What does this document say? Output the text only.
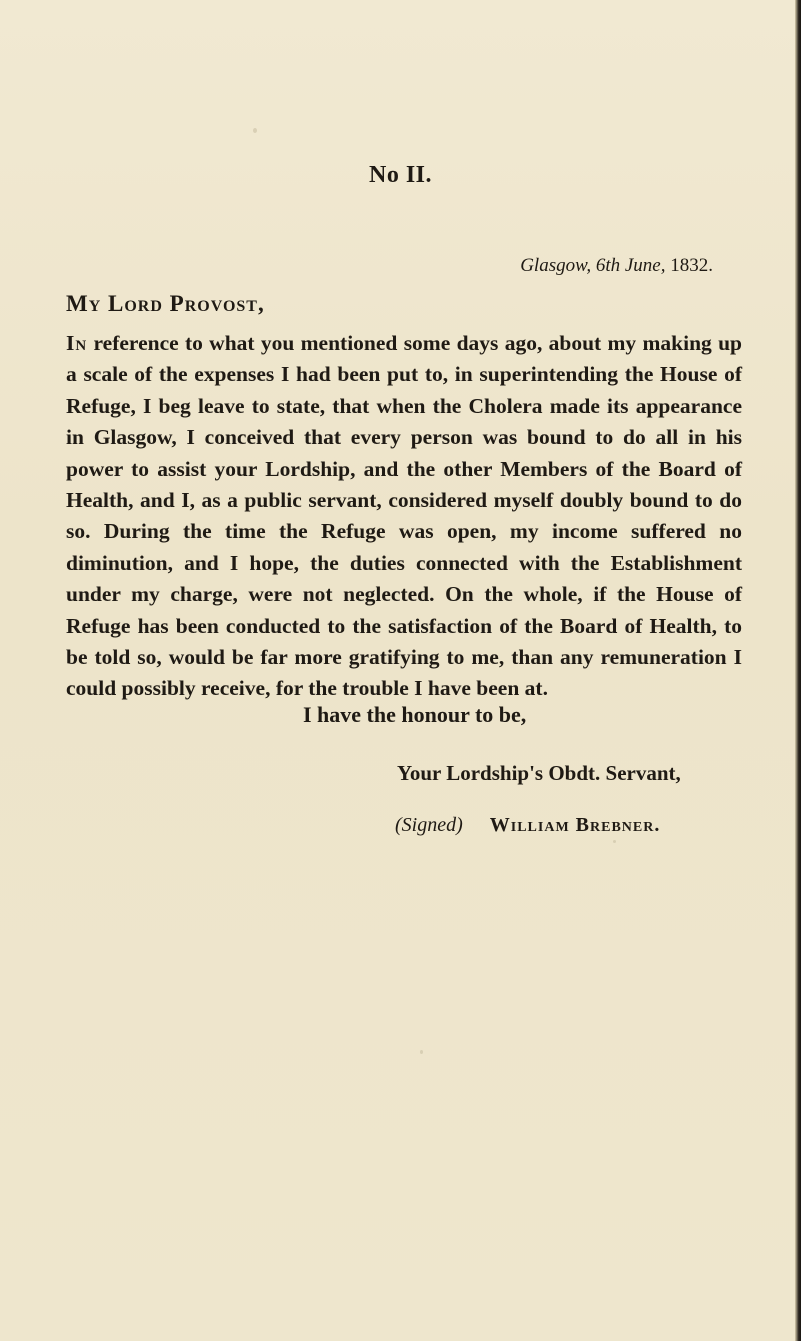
No II.
Glasgow, 6th June, 1832.
My Lord Provost,
In reference to what you mentioned some days ago, about my making up a scale of the expenses I had been put to, in superintending the House of Refuge, I beg leave to state, that when the Cholera made its appearance in Glasgow, I conceived that every person was bound to do all in his power to assist your Lordship, and the other Members of the Board of Health, and I, as a public servant, considered myself doubly bound to do so. During the time the Refuge was open, my income suffered no diminution, and I hope, the duties connected with the Establishment under my charge, were not neglected. On the whole, if the House of Refuge has been conducted to the satisfaction of the Board of Health, to be told so, would be far more gratifying to me, than any remuneration I could possibly receive, for the trouble I have been at.
I have the honour to be,
Your Lordship's Obdt. Servant,
(Signed) William Brebner.
